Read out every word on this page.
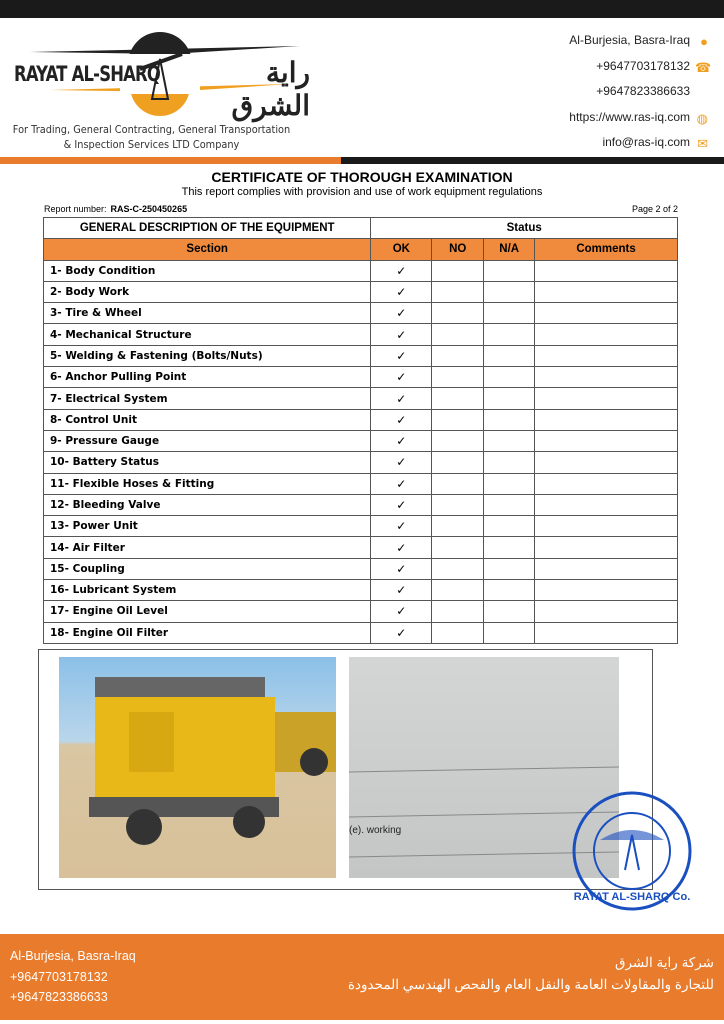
RAYAT AL-SHARQ	راية الشرق
For Trading, General Contracting, General Transportation
& Inspection Services LTD Company
Al-Burjesia, Basra-Iraq ●
+9647703178132 ☎
+9647823386633
https://www.ras-iq.com ◍
info@ras-iq.com ✉
CERTIFICATE OF THOROUGH EXAMINATION
This report complies with provision and use of work equipment regulations
Report number: RAS-C-250450265	Page 2 of 2
GENERAL DESCRIPTION OF THE EQUIPMENT	Status			
Section	OK	NO	N/A	Comments
1- Body Condition	✓			
2- Body Work	✓			
3- Tire & Wheel	✓			
4- Mechanical Structure	✓			
5- Welding & Fastening (Bolts/Nuts)	✓			
6- Anchor Pulling Point	✓			
7- Electrical System	✓			
8- Control Unit	✓			
9- Pressure Gauge	✓			
10- Battery Status	✓			
11- Flexible Hoses & Fitting	✓			
12- Bleeding Valve	✓			
13- Power Unit	✓			
14- Air Filter	✓			
15- Coupling	✓			
16- Lubricant System	✓			
17- Engine Oil Level	✓			
18- Engine Oil Filter	✓			
(e). working
RAYAT AL-SHARQ Co.
Al-Burjesia, Basra-Iraq
+9647703178132
+9647823386633
شركة راية الشرق
للتجارة والمقاولات العامة والنقل العام والفحص الهندسي المحدودة
